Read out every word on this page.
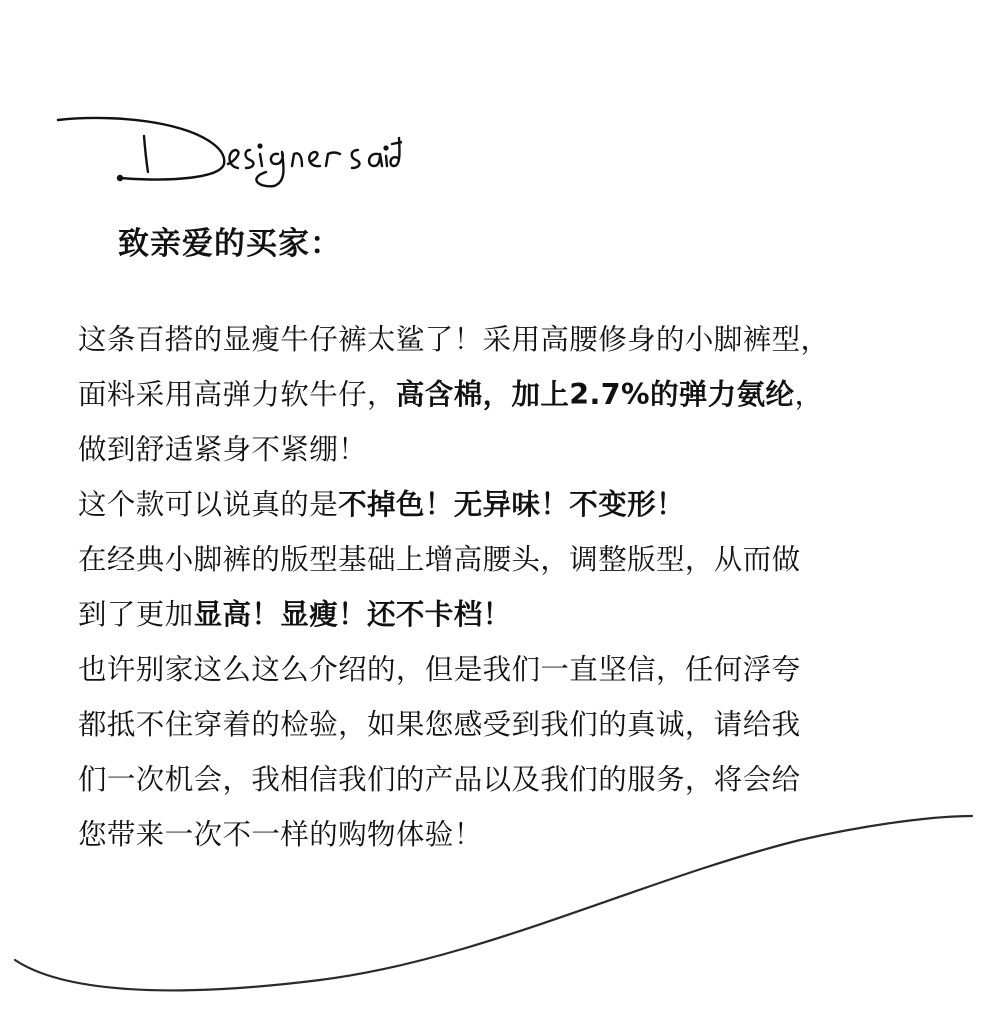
致亲爱的买家：
这条百搭的显瘦牛仔裤太鲨了！采用高腰修身的小脚裤型，
面料采用高弹力软牛仔，高含棉，加上2.7%的弹力氨纶，
做到舒适紧身不紧绷！
这个款可以说真的是不掉色！无异味！不变形！
在经典小脚裤的版型基础上增高腰头，调整版型，从而做
到了更加显高！显瘦！还不卡档！
也许别家这么这么介绍的，但是我们一直坚信，任何浮夸
都抵不住穿着的检验，如果您感受到我们的真诚，请给我
们一次机会，我相信我们的产品以及我们的服务，将会给
您带来一次不一样的购物体验！
